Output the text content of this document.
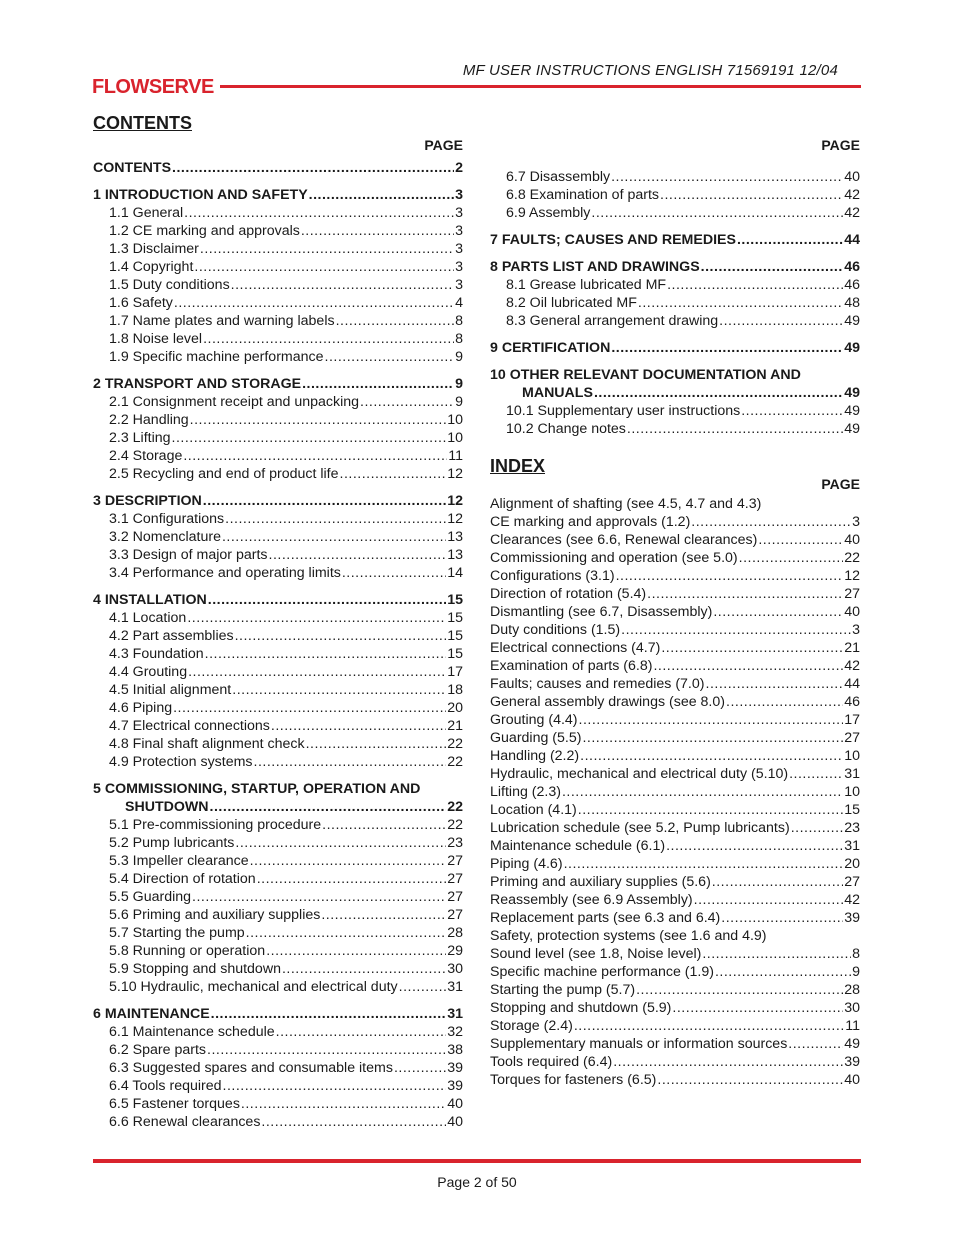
FLOWSERVE
MF USER INSTRUCTIONS ENGLISH 71569191 12/04
CONTENTS
PAGE
CONTENTS .....	2
1 INTRODUCTION AND SAFETY .....	3
1.1 General .....	3
1.2 CE marking and approvals .....	3
1.3 Disclaimer .....	3
1.4 Copyright .....	3
1.5 Duty conditions .....	3
1.6 Safety .....	4
1.7 Name plates and warning labels .....	8
1.8 Noise level .....	8
1.9 Specific machine performance .....	9
2 TRANSPORT AND STORAGE .....	9
2.1 Consignment receipt and unpacking .....	9
2.2 Handling .....	10
2.3 Lifting .....	10
2.4 Storage .....	11
2.5 Recycling and end of product life .....	12
3 DESCRIPTION .....	12
3.1 Configurations .....	12
3.2 Nomenclature .....	13
3.3 Design of major parts .....	13
3.4 Performance and operating limits .....	14
4 INSTALLATION .....	15
4.1 Location .....	15
4.2 Part assemblies .....	15
4.3 Foundation .....	15
4.4 Grouting .....	17
4.5 Initial alignment .....	18
4.6 Piping .....	20
4.7 Electrical connections .....	21
4.8 Final shaft alignment check .....	22
4.9 Protection systems .....	22
5 COMMISSIONING, STARTUP, OPERATION AND
SHUTDOWN .....	22
5.1 Pre-commissioning procedure .....	22
5.2 Pump lubricants .....	23
5.3 Impeller clearance .....	27
5.4 Direction of rotation .....	27
5.5 Guarding .....	27
5.6 Priming and auxiliary supplies .....	27
5.7 Starting the pump .....	28
5.8 Running or operation .....	29
5.9 Stopping and shutdown .....	30
5.10 Hydraulic, mechanical and electrical duty .....	31
6 MAINTENANCE .....	31
6.1 Maintenance schedule .....	32
6.2 Spare parts .....	38
6.3 Suggested spares and consumable items .....	39
6.4 Tools required .....	39
6.5 Fastener torques .....	40
6.6 Renewal clearances .....	40
PAGE
6.7 Disassembly .....	40
6.8 Examination of parts .....	42
6.9 Assembly .....	42
7 FAULTS; CAUSES AND REMEDIES .....	44
8 PARTS LIST AND DRAWINGS .....	46
8.1 Grease lubricated MF .....	46
8.2 Oil lubricated MF .....	48
8.3 General arrangement drawing .....	49
9 CERTIFICATION .....	49
10 OTHER RELEVANT DOCUMENTATION AND
MANUALS .....	49
10.1 Supplementary user instructions .....	49
10.2 Change notes .....	49
INDEX
PAGE
Alignment of shafting (see 4.5, 4.7 and 4.3)
CE marking and approvals (1.2) .....	3
Clearances (see 6.6, Renewal clearances) .....	40
Commissioning and operation (see 5.0) .....	22
Configurations (3.1) .....	12
Direction of rotation (5.4) .....	27
Dismantling (see 6.7, Disassembly) .....	40
Duty conditions (1.5) .....	3
Electrical connections (4.7) .....	21
Examination of parts (6.8) .....	42
Faults; causes and remedies (7.0) .....	44
General assembly drawings (see 8.0) .....	46
Grouting (4.4) .....	17
Guarding (5.5) .....	27
Handling (2.2) .....	10
Hydraulic, mechanical and electrical duty (5.10) .....	31
Lifting (2.3) .....	10
Location (4.1) .....	15
Lubrication schedule (see 5.2, Pump lubricants) .....	23
Maintenance schedule (6.1) .....	31
Piping (4.6) .....	20
Priming and auxiliary supplies (5.6) .....	27
Reassembly (see 6.9 Assembly) .....	42
Replacement parts (see 6.3 and 6.4) .....	39
Safety, protection systems (see 1.6 and 4.9)
Sound level (see 1.8, Noise level) .....	8
Specific machine performance (1.9) .....	9
Starting the pump (5.7) .....	28
Stopping and shutdown (5.9) .....	30
Storage (2.4) .....	11
Supplementary manuals or information sources .....	49
Tools required (6.4) .....	39
Torques for fasteners (6.5) .....	40
Page 2 of 50
